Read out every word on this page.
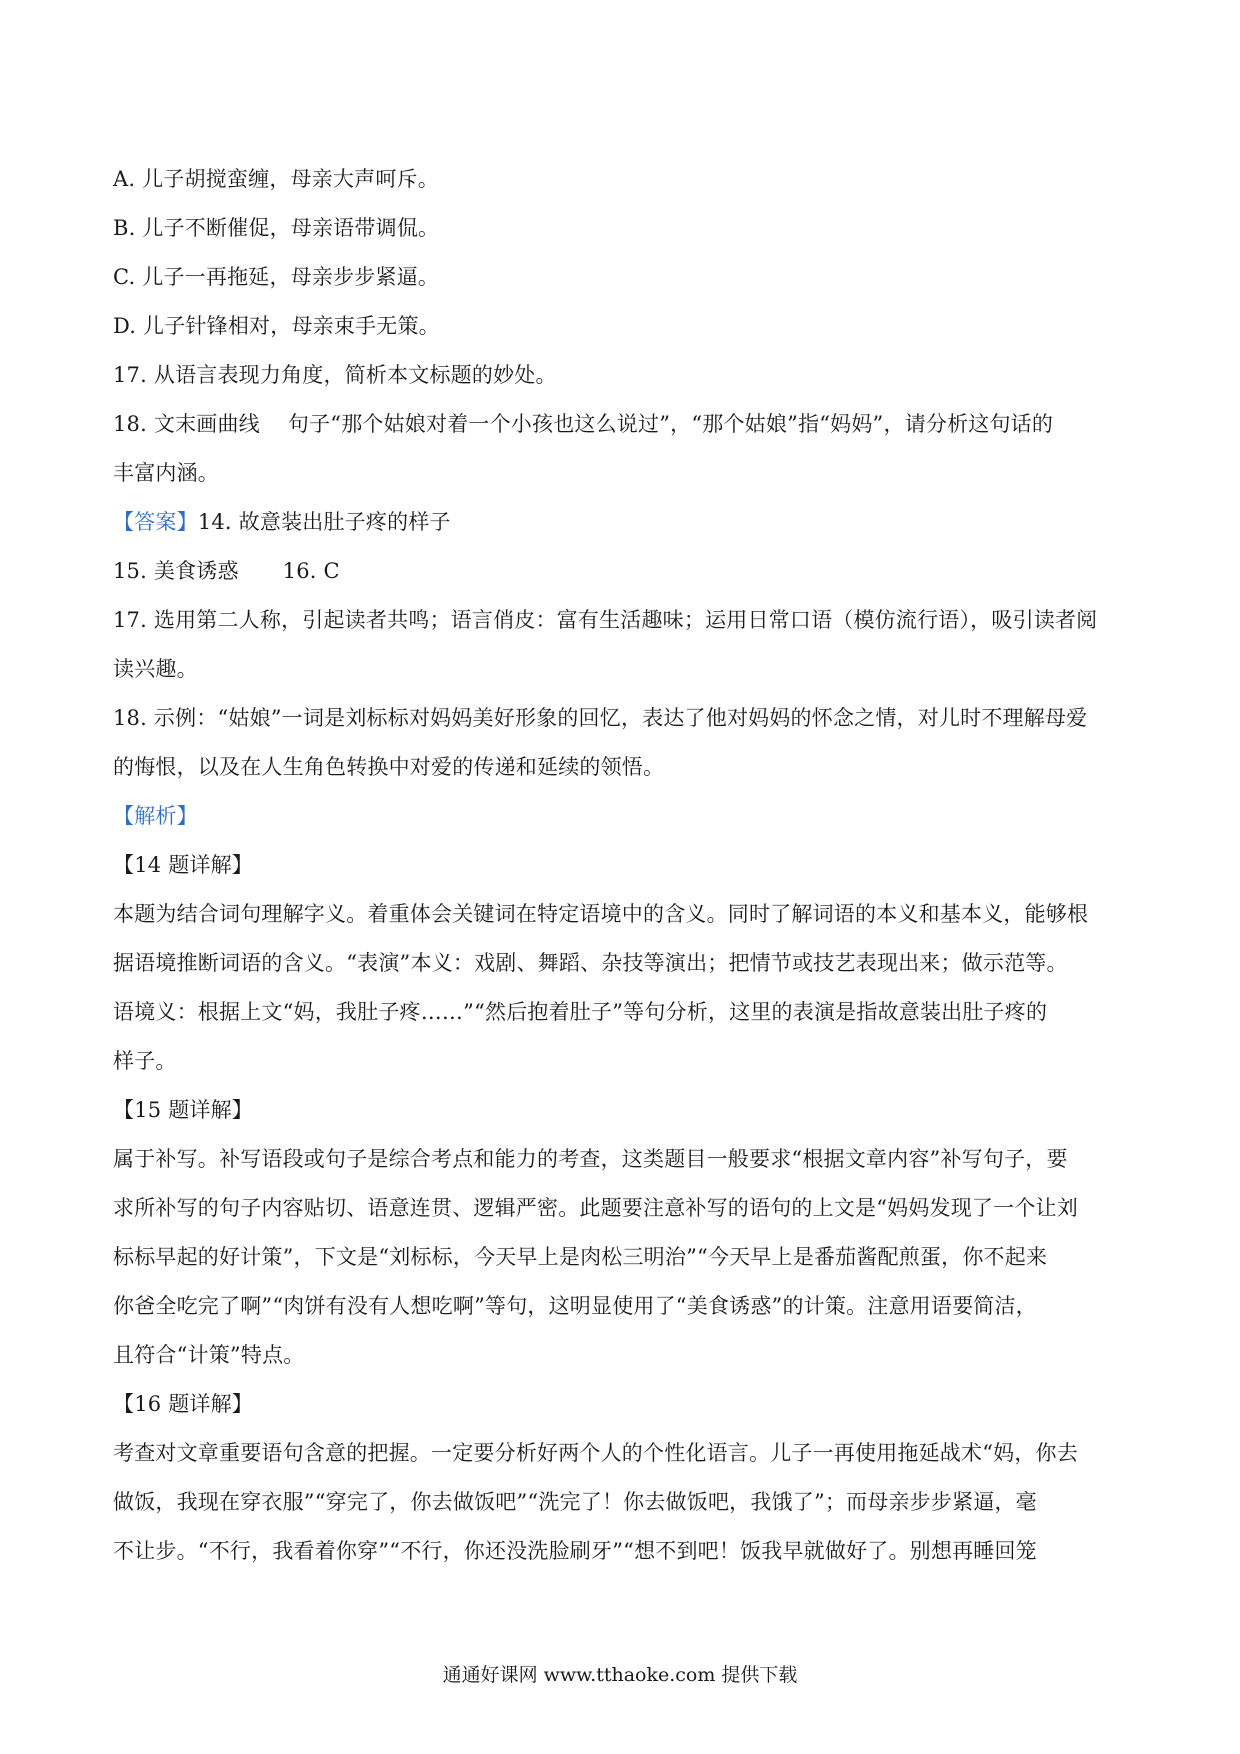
A. 儿子胡搅蛮缠，母亲大声呵斥。
B. 儿子不断催促，母亲语带调侃。
C. 儿子一再拖延，母亲步步紧逼。
D. 儿子针锋相对，母亲束手无策。
17. 从语言表现力角度，简析本文标题的妙处。
18. 文末画曲线 句子“那个姑娘对着一个小孩也这么说过”，“那个姑娘”指“妈妈”，请分析这句话的
丰富内涵。
【答案】14. 故意装出肚子疼的样子
15. 美食诱惑 16. C
17. 选用第二人称，引起读者共鸣；语言俏皮：富有生活趣味；运用日常口语（模仿流行语），吸引读者阅
读兴趣。
18. 示例：“姑娘”一词是刘标标对妈妈美好形象的回忆，表达了他对妈妈的怀念之情，对儿时不理解母爱
的悔恨，以及在人生角色转换中对爱的传递和延续的领悟。
【解析】
【14 题详解】
本题为结合词句理解字义。着重体会关键词在特定语境中的含义。同时了解词语的本义和基本义，能够根
据语境推断词语的含义。“表演”本义：戏剧、舞蹈、杂技等演出；把情节或技艺表现出来；做示范等。
语境义：根据上文“妈，我肚子疼……”“然后抱着肚子”等句分析，这里的表演是指故意装出肚子疼的
样子。
【15 题详解】
属于补写。补写语段或句子是综合考点和能力的考查，这类题目一般要求“根据文章内容”补写句子，要
求所补写的句子内容贴切、语意连贯、逻辑严密。此题要注意补写的语句的上文是“妈妈发现了一个让刘
标标早起的好计策”，下文是“刘标标，今天早上是肉松三明治”“今天早上是番茄酱配煎蛋，你不起来
你爸全吃完了啊”“肉饼有没有人想吃啊”等句，这明显使用了“美食诱惑”的计策。注意用语要简洁，
且符合“计策”特点。
【16 题详解】
考查对文章重要语句含意的把握。一定要分析好两个人的个性化语言。儿子一再使用拖延战术“妈，你去
做饭，我现在穿衣服”“穿完了，你去做饭吧”“洗完了！你去做饭吧，我饿了”；而母亲步步紧逼，毫
不让步。“不行，我看着你穿”“不行，你还没洗脸刷牙”“想不到吧！饭我早就做好了。别想再睡回笼
通通好课网 www.tthaoke.com 提供下载
